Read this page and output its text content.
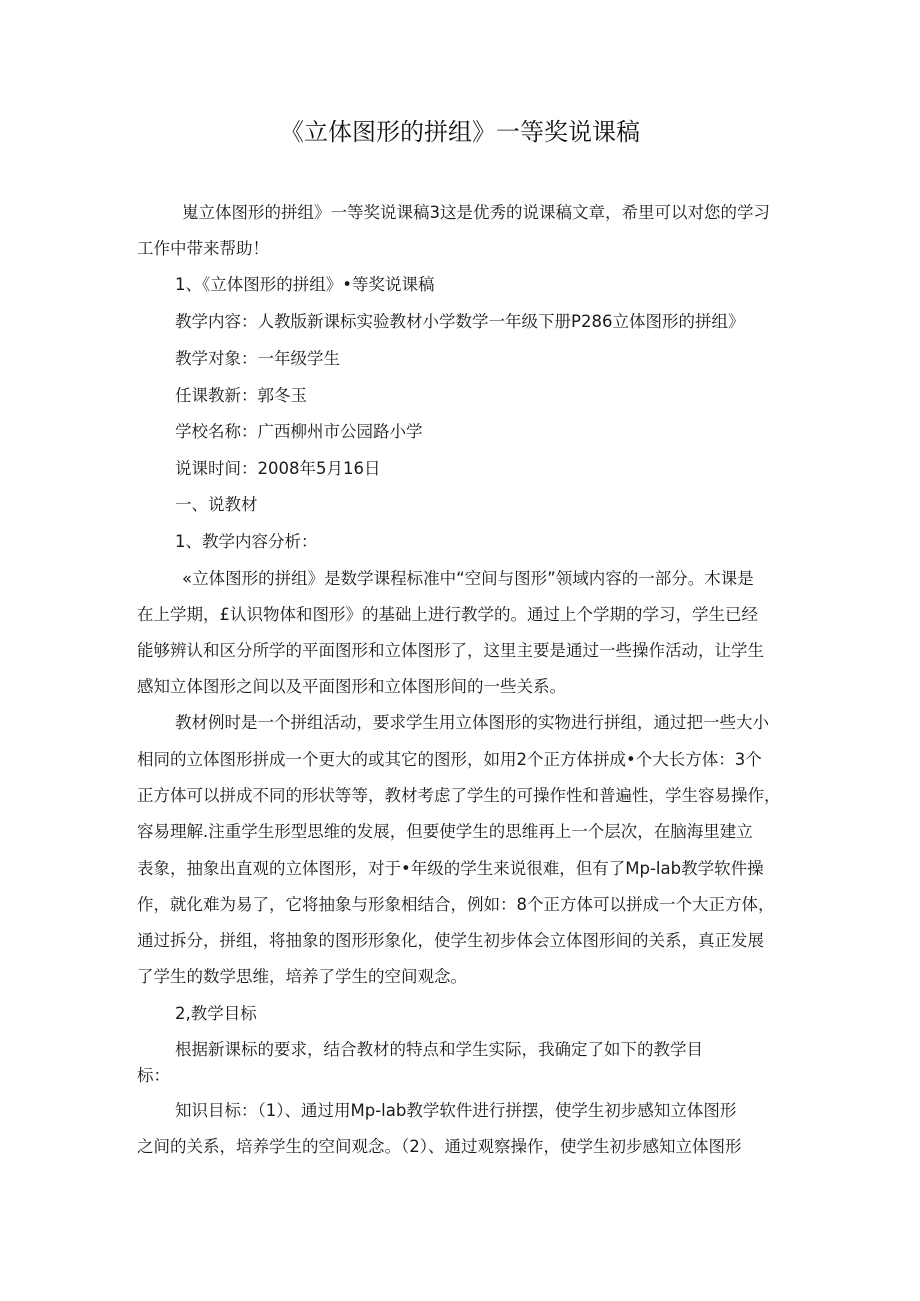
《立体图形的拼组》一等奖说课稿
嵬立体图形的拼组》一等奖说课稿3这是优秀的说课稿文章，希里可以对您的学习
工作中带来帮助！
1、《立体图形的拼组》•等奖说课稿
教学内容：人教版新课标实验教材小学数学一年级下册P286立体图形的拼组》
教学对象：一年级学生
任课教新：郭冬玉
学校名称：广西柳州市公园路小学
说课时间：2008年5月16日
一、说教材
1、教学内容分析：
«立体图形的拼组》是数学课程标准中“空间与图形”领域内容的一部分。木课是
在上学期，£认识物体和图形》的基础上进行教学的。通过上个学期的学习，学生已经
能够辨认和区分所学的平面图形和立体图形了，这里主要是通过一些操作活动，让学生
感知立体图形之间以及平面图形和立体图形间的一些关系。
教材例时是一个拼组活动，要求学生用立体图形的实物进行拼组，通过把一些大小
相同的立体图形拼成一个更大的或其它的图形，如用2个正方体拼成•个大长方体：3个
正方体可以拼成不同的形状等等，教材考虑了学生的可操作性和普遍性，学生容易操作，
容易理解.注重学生形型思维的发展，但要使学生的思维再上一个层次，在脑海里建立
表象，抽象出直观的立体图形，对于•年级的学生来说很难，但有了Mp-lab教学软件操
作，就化难为易了，它将抽象与形象相结合，例如：8个正方体可以拼成一个大正方体，
通过拆分，拼组，将抽象的图形形象化，使学生初步体会立体图形间的关系，真正发展
了学生的数学思维，培养了学生的空间观念。
2,教学目标
根据新课标的要求，结合教材的特点和学生实际，我确定了如下的教学目
标：
知识目标：（1）、通过用Mp-lab教学软件进行拼摆，使学生初步感知立体图形
之间的关系，培养学生的空间观念。（2）、通过观察操作，使学生初步感知立体图形
